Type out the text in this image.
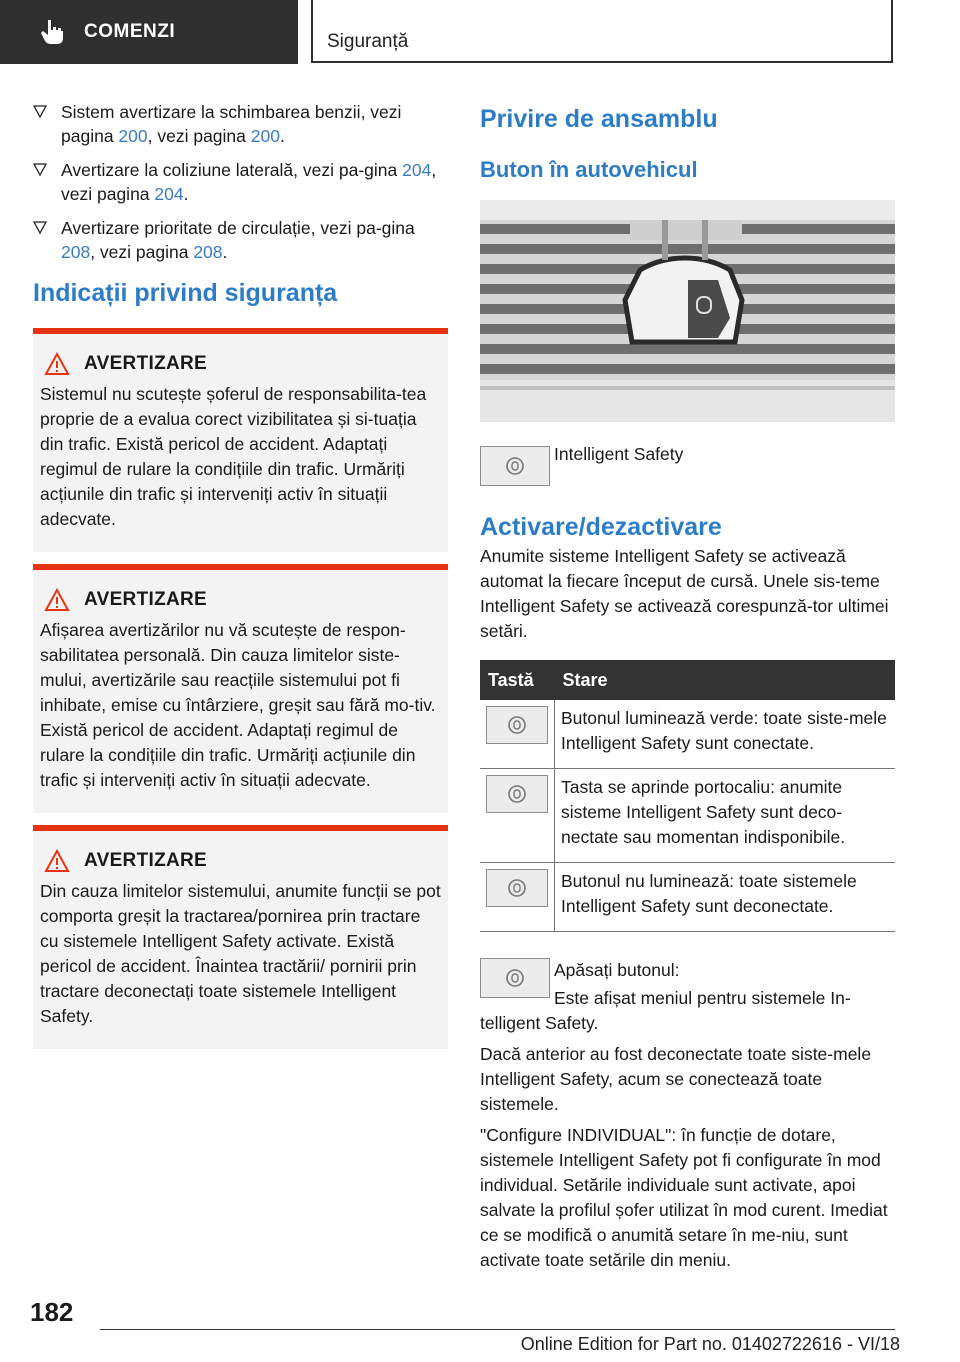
COMENZI	Siguranță
Sistem avertizare la schimbarea benzii, vezi pagina 200, vezi pagina 200.
Avertizare la coliziune laterală, vezi pa-gina 204, vezi pagina 204.
Avertizare prioritate de circulație, vezi pa-gina 208, vezi pagina 208.
Indicații privind siguranța
AVERTIZARE

Sistemul nu scutește șoferul de responsabilita-tea proprie de a evalua corect vizibilitatea și si-tuația din trafic. Există pericol de accident. Adaptați regimul de rulare la condițiile din trafic. Urmăriți acțiunile din trafic și interveniți activ în situații adecvate.

AVERTIZARE

Afișarea avertizărilor nu vă scutește de respon-sabilitatea personală. Din cauza limitelor siste-mului, avertizările sau reacțiile sistemului pot fi inhibate, emise cu întârziere, greșit sau fără mo-tiv. Există pericol de accident. Adaptați regimul de rulare la condițiile din trafic. Urmăriți acțiunile din trafic și interveniți activ în situații adecvate.

AVERTIZARE

Din cauza limitelor sistemului, anumite funcții se pot comporta greșit la tractarea/pornirea prin tractare cu sistemele Intelligent Safety activate. Există pericol de accident. Înaintea tractării/ pornirii prin tractare deconectați toate sistemele Intelligent Safety.

Privire de ansamblu
Buton în autovehicul
Intelligent Safety
Activare/dezactivare

Anumite sisteme Intelligent Safety se activează automat la fiecare început de cursă. Unele sis-teme Intelligent Safety se activează corespunză-tor ultimei setări.

Tastă	Stare

	Butonul luminează verde: toate siste-mele Intelligent Safety sunt conectate.

	Tasta se aprinde portocaliu: anumite sisteme Intelligent Safety sunt deco-nectate sau momentan indisponibile.

	Butonul nu luminează: toate sistemele Intelligent Safety sunt deconectate.
Apăsați butonul:

Este afișat meniul pentru sistemele In-telligent Safety.

Dacă anterior au fost deconectate toate siste-mele Intelligent Safety, acum se conectează toate sistemele.

"Configure INDIVIDUAL": în funcție de dotare, sistemele Intelligent Safety pot fi configurate în mod individual. Setările individuale sunt activate, apoi salvate la profilul șofer utilizat în mod curent. Imediat ce se modifică o anumită setare în me-niu, sunt activate toate setările din meniu.

182
Online Edition for Part no. 01402722616 - VI/18
